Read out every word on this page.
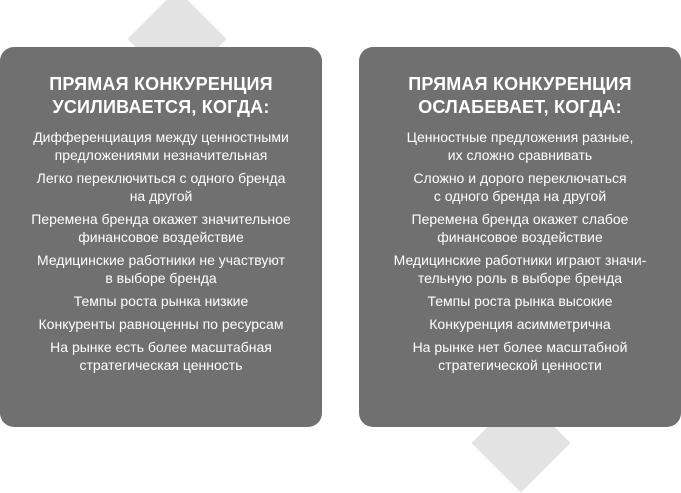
ПРЯМАЯ КОНКУРЕНЦИЯ
УСИЛИВАЕТСЯ, КОГДА:
Дифференциация между ценностными
предложениями незначительная
Легко переключиться с одного бренда
на другой
Перемена бренда окажет значительное
финансовое воздействие
Медицинские работники не участвуют
в выборе бренда
Темпы роста рынка низкие
Конкуренты равноценны по ресурсам
На рынке есть более масштабная
стратегическая ценность
ПРЯМАЯ КОНКУРЕНЦИЯ
ОСЛАБЕВАЕТ, КОГДА:
Ценностные предложения разные,
их сложно сравнивать
Сложно и дорого переключаться
с одного бренда на другой
Перемена бренда окажет слабое
финансовое воздействие
Медицинские работники играют значи-
тельную роль в выборе бренда
Темпы роста рынка высокие
Конкуренция асимметрична
На рынке нет более масштабной
стратегической ценности
